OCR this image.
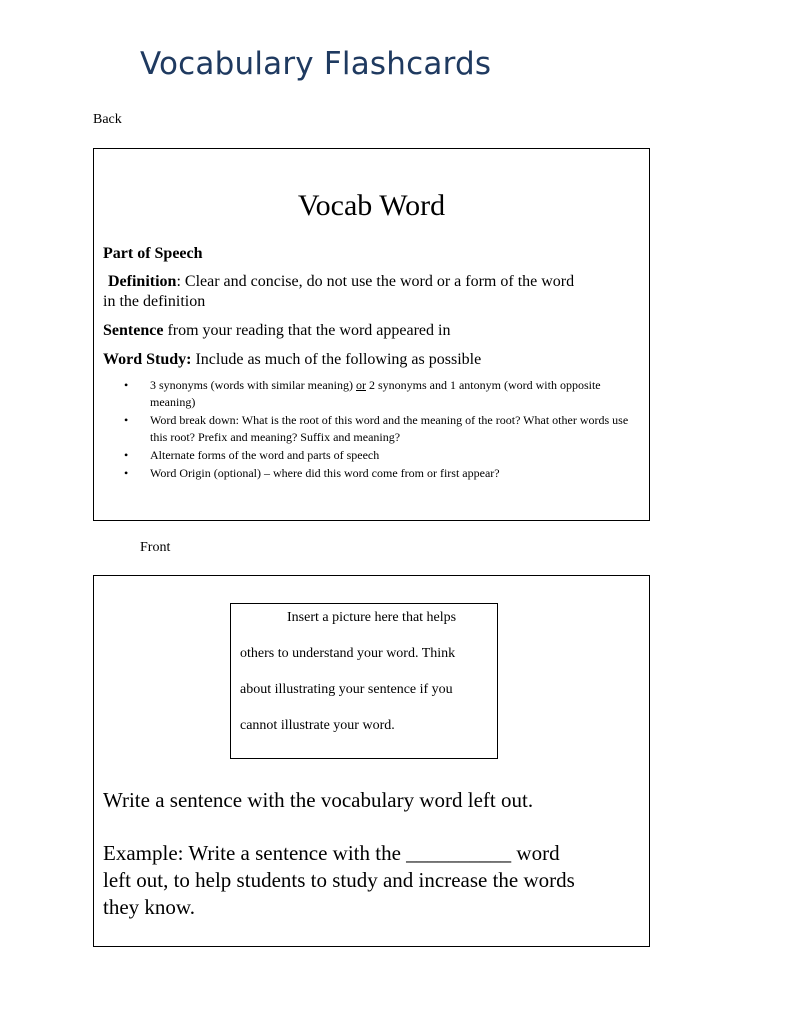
Vocabulary Flashcards
Back
Vocab Word
Part of Speech
Definition: Clear and concise, do not use the word or a form of the word
in the definition
Sentence from your reading that the word appeared in
Word Study: Include as much of the following as possible
• 3 synonyms (words with similar meaning) or 2 synonyms and 1 antonym (word with opposite meaning)
• Word break down: What is the root of this word and the meaning of the root? What other words use this root? Prefix and meaning? Suffix and meaning?
• Alternate forms of the word and parts of speech
• Word Origin (optional) – where did this word come from or first appear?
Front
Insert a picture here that helps
others to understand your word. Think
about illustrating your sentence if you
cannot illustrate your word.
Write a sentence with the vocabulary word left out.
Example: Write a sentence with the __________ word
left out, to help students to study and increase the words
they know.
